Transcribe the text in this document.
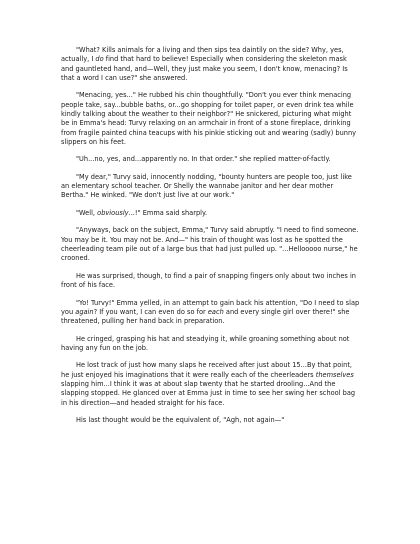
"What? Kills animals for a living and then sips tea daintily on the side? Why, yes, actually, I do find that hard to believe! Especially when considering the skeleton mask and gauntleted hand, and—Well, they just make you seem, I don't know, menacing? Is that a word I can use?" she answered.

"Menacing, yes..." He rubbed his chin thoughtfully. "Don't you ever think menacing people take, say...bubble baths, or...go shopping for toilet paper, or even drink tea while kindly talking about the weather to their neighbor?" He snickered, picturing what might be in Emma's head: Turvy relaxing on an armchair in front of a stone fireplace, drinking from fragile painted china teacups with his pinkie sticking out and wearing (sadly) bunny slippers on his feet.

"Uh...no, yes, and...apparently no. In that order." she replied matter-of-factly.

"My dear," Turvy said, innocently nodding, "bounty hunters are people too, just like an elementary school teacher. Or Shelly the wannabe janitor and her dear mother Bertha." He winked. "We don't just live at our work."

"Well, obviously...!" Emma said sharply.

"Anyways, back on the subject, Emma," Turvy said abruptly. "I need to find someone. You may be it. You may not be. And—" his train of thought was lost as he spotted the cheerleading team pile out of a large bus that had just pulled up. "...Hellooooo nurse," he crooned.

He was surprised, though, to find a pair of snapping fingers only about two inches in front of his face.

"Yo! Turvy!" Emma yelled, in an attempt to gain back his attention, "Do I need to slap you again? If you want, I can even do so for each and every single girl over there!" she threatened, pulling her hand back in preparation.

He cringed, grasping his hat and steadying it, while groaning something about not having any fun on the job.

He lost track of just how many slaps he received after just about 15...By that point, he just enjoyed his imaginations that it were really each of the cheerleaders themselves slapping him...I think it was at about slap twenty that he started drooling...And the slapping stopped. He glanced over at Emma just in time to see her swing her school bag in his direction—and headed straight for his face.

His last thought would be the equivalent of, "Agh, not again—"
